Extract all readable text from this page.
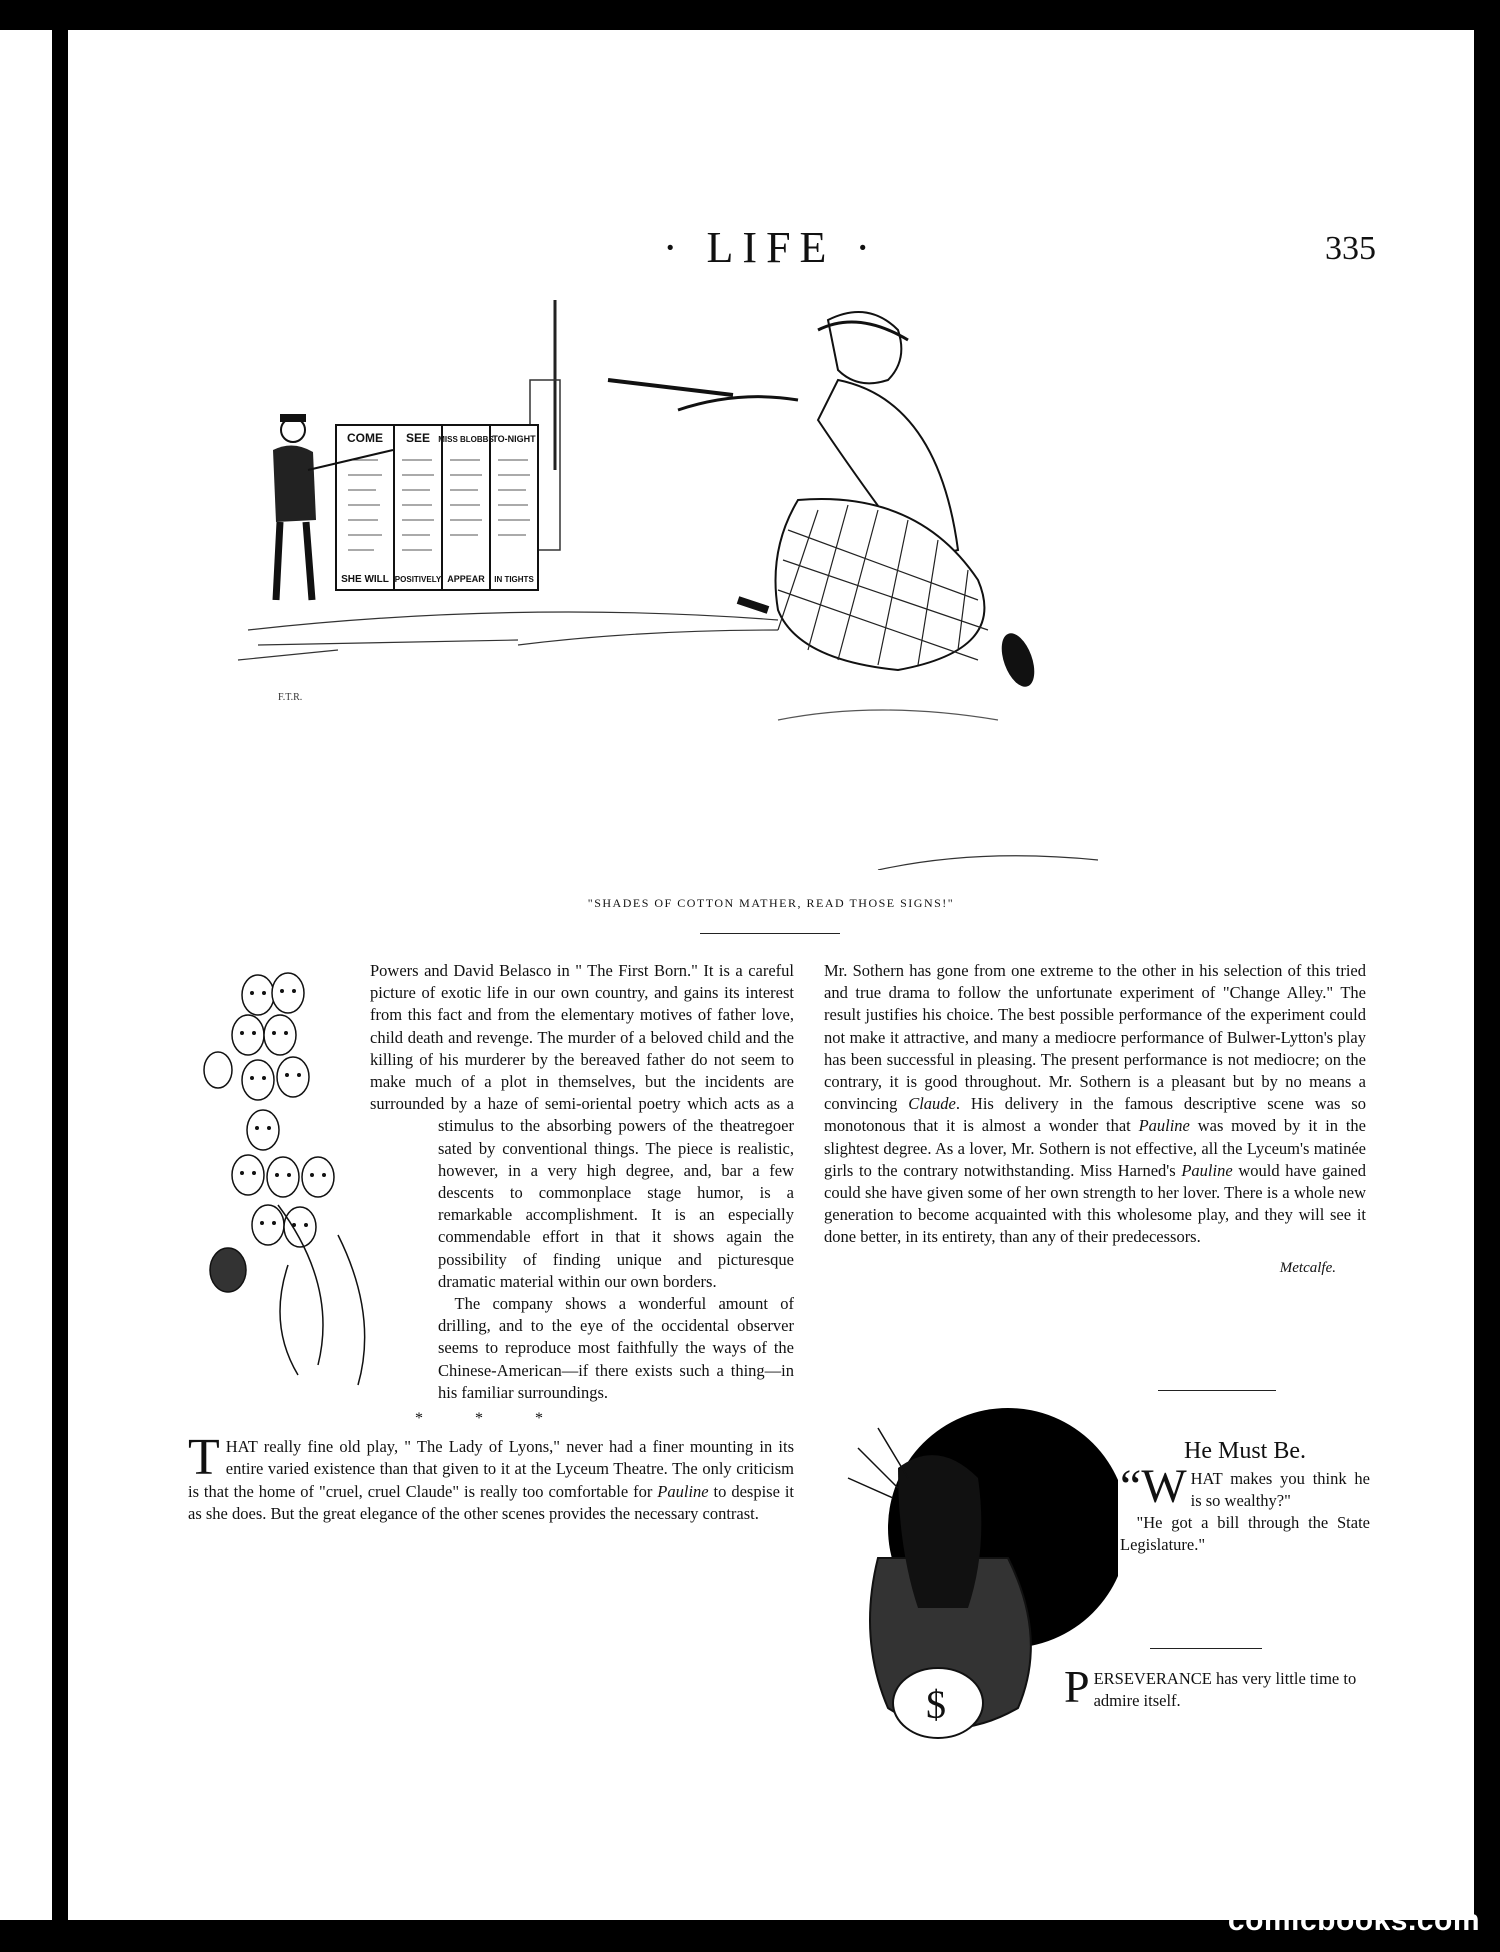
· LIFE ·	335
COME SEE MISS BLOBBS
TO-NIGHT
SHE WILL POSITIVELY APPEAR IN TIGHTS
F.T.R.
"SHADES OF COTTON MATHER, READ THOSE SIGNS!"

Powers and David Belasco in " The First Born." It is a careful picture of exotic life in our own country, and gains its interest from this fact and from the elementary motives of father love, child death and revenge. The murder of a beloved child and the killing of his murderer by the bereaved father do not seem to make much of a plot in themselves, but the incidents are surrounded by a haze of semi-oriental poetry which acts as a stimulus to the absorbing powers of the theatregoer sated by conventional things. The piece is realistic, however, in a very high degree, and, bar a few descents to commonplace stage humor, is a remarkable accomplishment. It is an especially commendable effort in that it shows again the possibility of finding unique and picturesque dramatic material within our own borders.

The company shows a wonderful amount of drilling, and to the eye of the occidental observer seems to reproduce most faithfully the ways of the Chinese-American—if there exists such a thing—in his familiar surroundings.

* * *

THAT really fine old play, " The Lady of Lyons," never had a finer mounting in its entire varied existence than that given to it at the Lyceum Theatre. The only criticism is that the home of "cruel, cruel Claude" is really too comfortable for Pauline to despise it as she does. But the great elegance of the other scenes provides the necessary contrast.

Mr. Sothern has gone from one extreme to the other in his selection of this tried and true drama to follow the unfortunate experiment of "Change Alley." The result justifies his choice. The best possible performance of the experiment could not make it attractive, and many a mediocre performance of Bulwer-Lytton's play has been successful in pleasing. The present performance is not mediocre; on the contrary, it is good throughout. Mr. Sothern is a pleasant but by no means a convincing Claude. His delivery in the famous descriptive scene was so monotonous that it is almost a wonder that Pauline was moved by it in the slightest degree. As a lover, Mr. Sothern is not effective, all the Lyceum's matinée girls to the contrary notwithstanding. Miss Harned's Pauline would have gained could she have given some of her own strength to her lover. There is a whole new generation to become acquainted with this wholesome play, and they will see it done better, in its entirety, than any of their predecessors.

Metcalfe.
$
He Must Be.

“W HAT makes you think he is so wealthy?"

"He got a bill through the State Legislature."

PERSEVERANCE has very little time to admire itself.
comicbooks.com
